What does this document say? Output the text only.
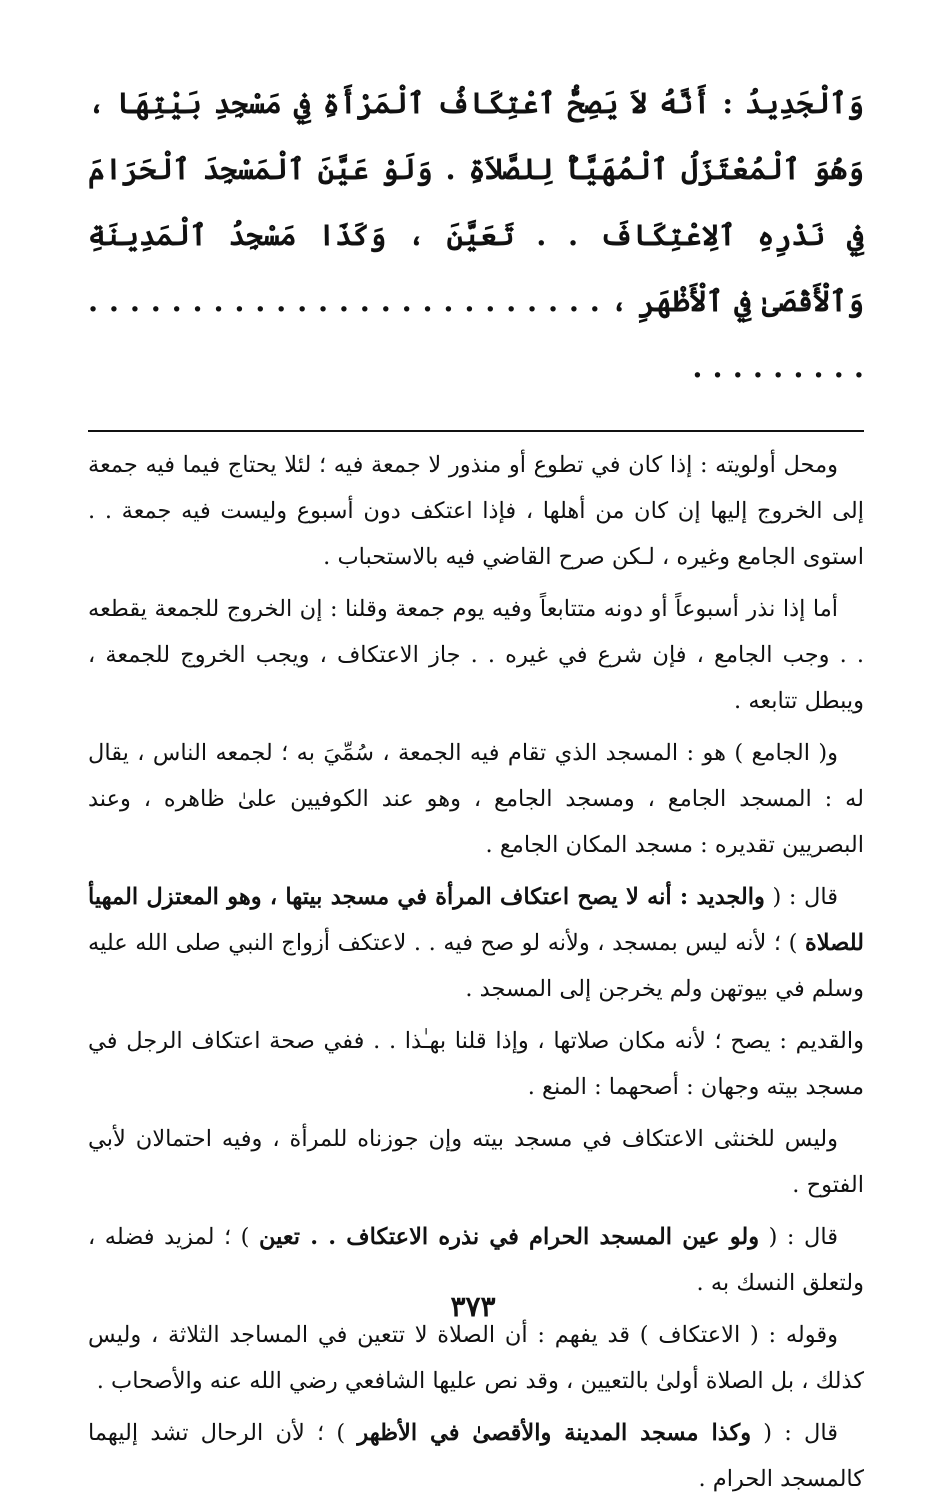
وَٱلْجَدِيدُ : أَنَّهُ لاَ يَصِحُّ ٱعْتِكَافُ ٱلْمَرْأَةِ فِي مَسْجِدِ بَيْتِهَا ، وَهُوَ ٱلْمُعْتَزَلُ ٱلْمُهَيَّأُ لِلصَّلاَةِ . وَلَوْ عَيَّنَ ٱلْمَسْجِدَ ٱلْحَرَامَ فِي نَذْرِهِ ٱلِاعْتِكَافَ . . تَعَيَّنَ ، وَكَذَا مَسْجِدُ ٱلْمَدِينَةِ وَٱلْأَقْصَىٰ فِي ٱلْأَظْهَرِ ، . . . . . . . . . . . . . . . . . . . . . . . . . . . . . . . . . .

ومحل أولويته : إذا كان في تطوع أو منذور لا جمعة فيه ؛ لئلا يحتاج فيما فيه جمعة إلى الخروج إليها إن كان من أهلها ، فإذا اعتكف دون أسبوع وليست فيه جمعة . . استوى الجامع وغيره ، لـكن صرح القاضي فيه بالاستحباب .

أما إذا نذر أسبوعاً أو دونه متتابعاً وفيه يوم جمعة وقلنا : إن الخروج للجمعة يقطعه . . وجب الجامع ، فإن شرع في غيره . . جاز الاعتكاف ، ويجب الخروج للجمعة ، ويبطل تتابعه .

و( الجامع ) هو : المسجد الذي تقام فيه الجمعة ، سُمِّيَ به ؛ لجمعه الناس ، يقال له : المسجد الجامع ، ومسجد الجامع ، وهو عند الكوفيين علىٰ ظاهره ، وعند البصريين تقديره : مسجد المكان الجامع .

قال : ( والجديد : أنه لا يصح اعتكاف المرأة في مسجد بيتها ، وهو المعتزل المهيأ للصلاة ) ؛ لأنه ليس بمسجد ، ولأنه لو صح فيه . . لاعتكف أزواج النبي صلى الله عليه وسلم في بيوتهن ولم يخرجن إلى المسجد .

والقديم : يصح ؛ لأنه مكان صلاتها ، وإذا قلنا بهـٰذا . . ففي صحة اعتكاف الرجل في مسجد بيته وجهان : أصحهما : المنع .

وليس للخنثى الاعتكاف في مسجد بيته وإن جوزناه للمرأة ، وفيه احتمالان لأبي الفتوح .

قال : ( ولو عين المسجد الحرام في نذره الاعتكاف . . تعين ) ؛ لمزيد فضله ، ولتعلق النسك به .

وقوله : ( الاعتكاف ) قد يفهم : أن الصلاة لا تتعين في المساجد الثلاثة ، وليس كذلك ، بل الصلاة أولىٰ بالتعيين ، وقد نص عليها الشافعي رضي الله عنه والأصحاب .

قال : ( وكذا مسجد المدينة والأقصىٰ في الأظهر ) ؛ لأن الرحال تشد إليهما كالمسجد الحرام .

٣٧٣
